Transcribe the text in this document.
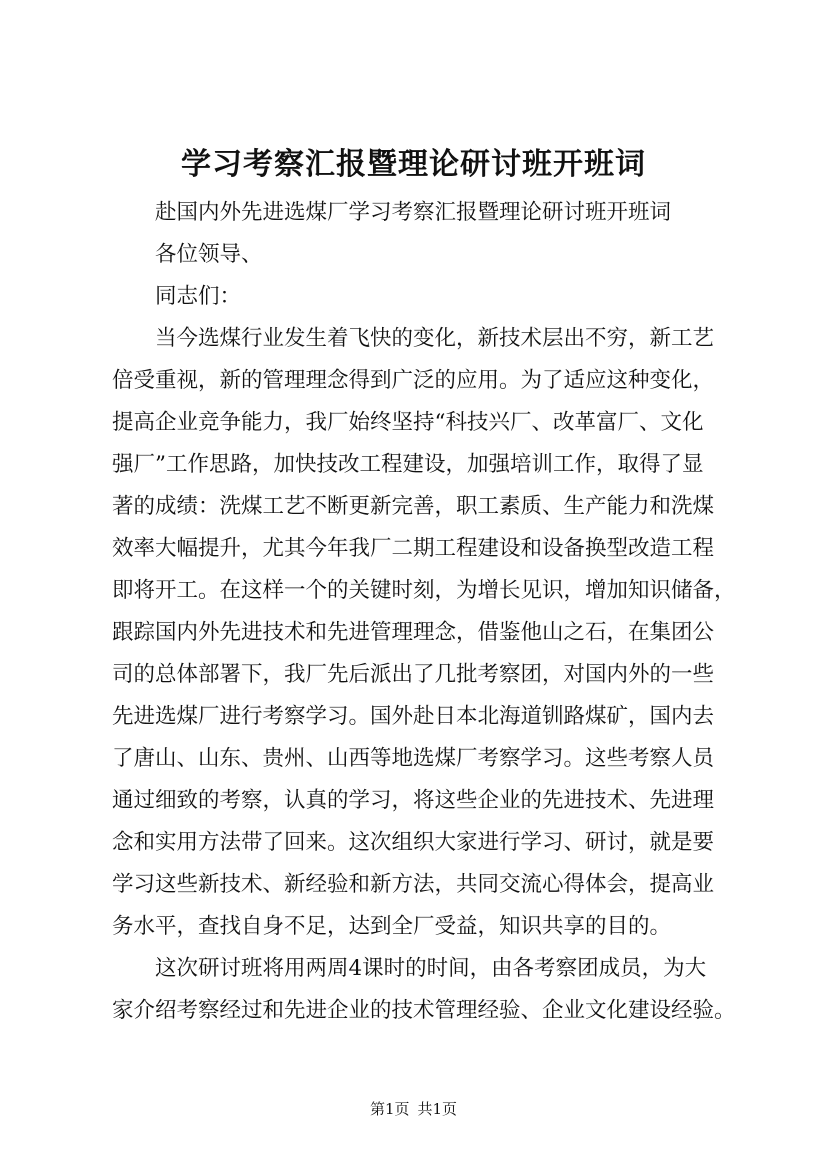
学习考察汇报暨理论研讨班开班词
赴国内外先进选煤厂学习考察汇报暨理论研讨班开班词
各位领导、
同志们：
当今选煤行业发生着飞快的变化，新技术层出不穷，新工艺
倍受重视，新的管理理念得到广泛的应用。为了适应这种变化，
提高企业竞争能力，我厂始终坚持“科技兴厂、改革富厂、文化
强厂”工作思路，加快技改工程建设，加强培训工作，取得了显
著的成绩：洗煤工艺不断更新完善，职工素质、生产能力和洗煤
效率大幅提升，尤其今年我厂二期工程建设和设备换型改造工程
即将开工。在这样一个的关键时刻，为增长见识，增加知识储备，
跟踪国内外先进技术和先进管理理念，借鉴他山之石，在集团公
司的总体部署下，我厂先后派出了几批考察团，对国内外的一些
先进选煤厂进行考察学习。国外赴日本北海道钏路煤矿，国内去
了唐山、山东、贵州、山西等地选煤厂考察学习。这些考察人员
通过细致的考察，认真的学习，将这些企业的先进技术、先进理
念和实用方法带了回来。这次组织大家进行学习、研讨，就是要
学习这些新技术、新经验和新方法，共同交流心得体会，提高业
务水平，查找自身不足，达到全厂受益，知识共享的目的。
这次研讨班将用两周4课时的时间，由各考察团成员，为大
家介绍考察经过和先进企业的技术管理经验、企业文化建设经验。
第1页 共1页
